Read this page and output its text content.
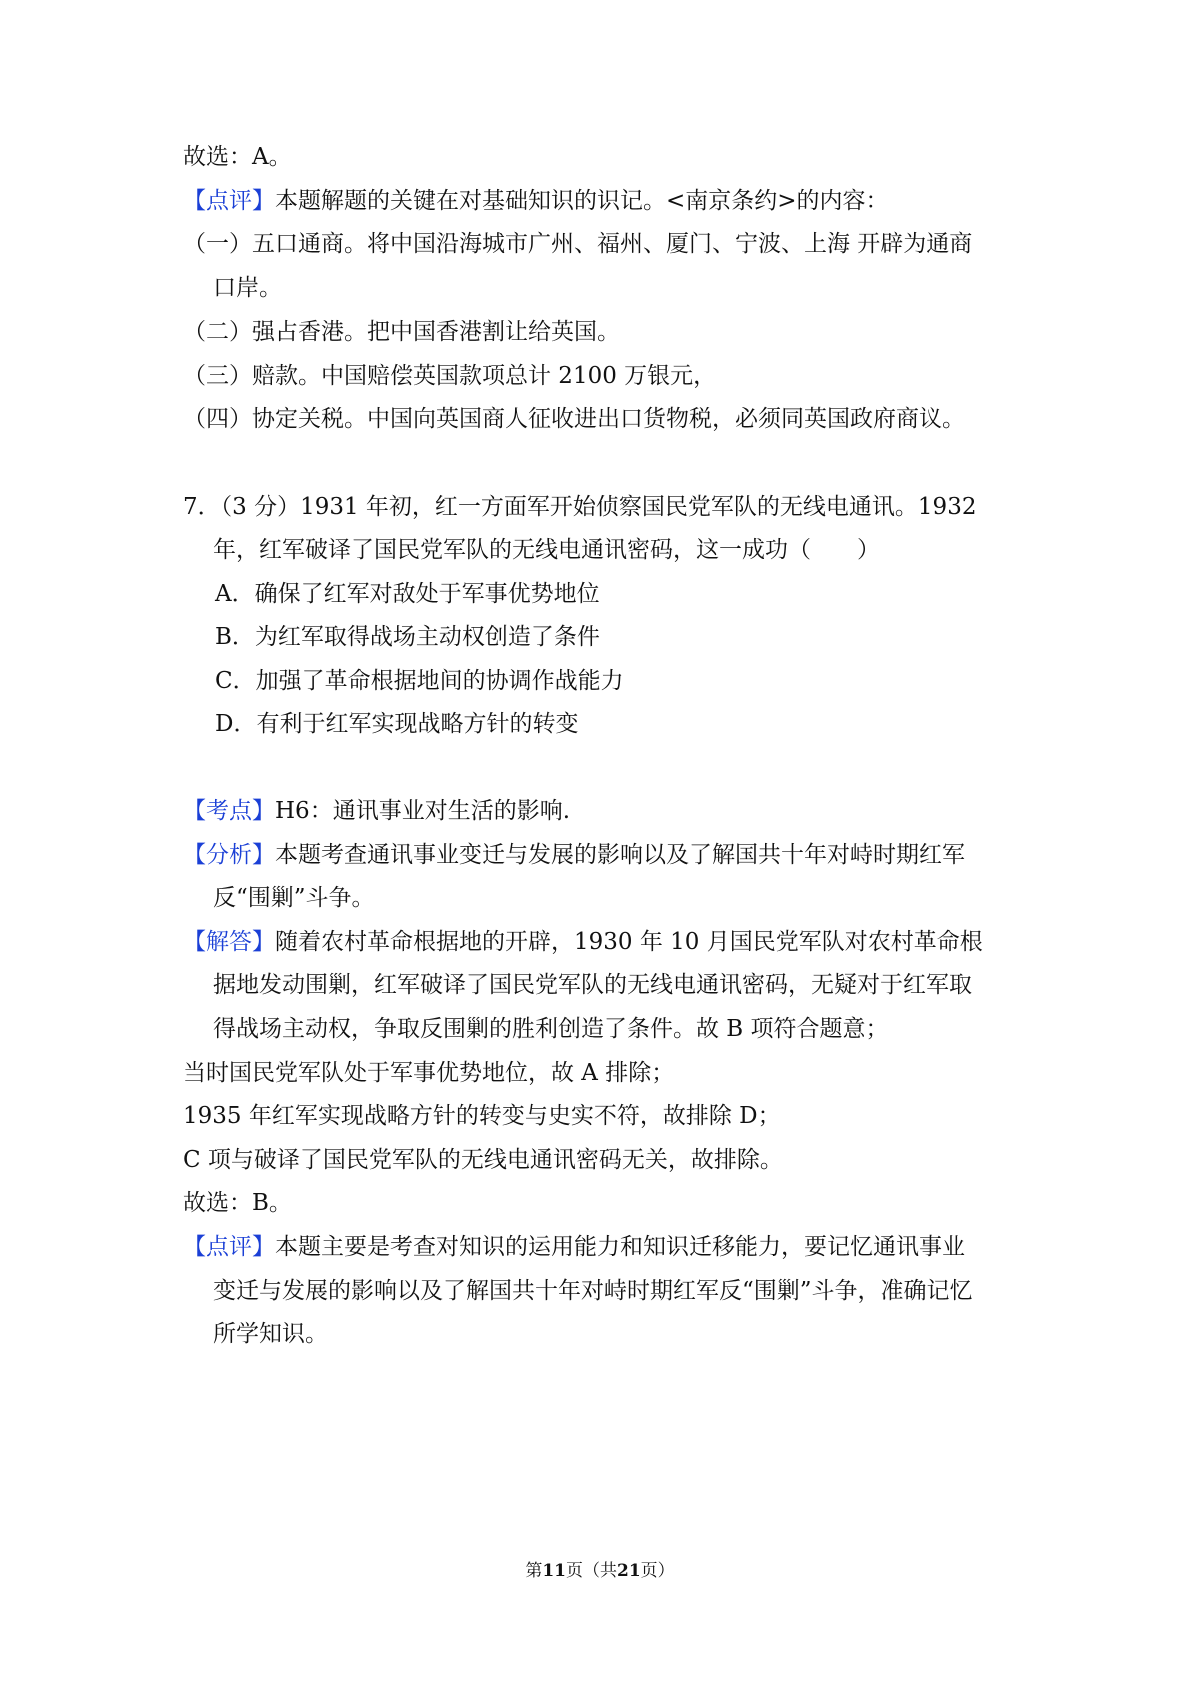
故选：A。
【点评】本题解题的关键在对基础知识的识记。<南京条约>的内容：
（一）五口通商。将中国沿海城市广州、福州、厦门、宁波、上海 开辟为通商
口岸。
（二）强占香港。把中国香港割让给英国。
（三）赔款。中国赔偿英国款项总计 2100 万银元，
（四）协定关税。中国向英国商人征收进出口货物税，必须同英国政府商议。
7．（3 分）1931 年初，红一方面军开始侦察国民党军队的无线电通讯。1932
年，红军破译了国民党军队的无线电通讯密码，这一成功（　　）
A．确保了红军对敌处于军事优势地位
B．为红军取得战场主动权创造了条件
C．加强了革命根据地间的协调作战能力
D．有利于红军实现战略方针的转变
【考点】H6：通讯事业对生活的影响.
【分析】本题考查通讯事业变迁与发展的影响以及了解国共十年对峙时期红军
反“围剿”斗争。
【解答】随着农村革命根据地的开辟，1930 年 10 月国民党军队对农村革命根
据地发动围剿，红军破译了国民党军队的无线电通讯密码，无疑对于红军取
得战场主动权，争取反围剿的胜利创造了条件。故 B 项符合题意；
当时国民党军队处于军事优势地位，故 A 排除；
1935 年红军实现战略方针的转变与史实不符，故排除 D；
C 项与破译了国民党军队的无线电通讯密码无关，故排除。
故选：B。
【点评】本题主要是考查对知识的运用能力和知识迁移能力，要记忆通讯事业
变迁与发展的影响以及了解国共十年对峙时期红军反“围剿”斗争，准确记忆
所学知识。
第11页（共21页）
